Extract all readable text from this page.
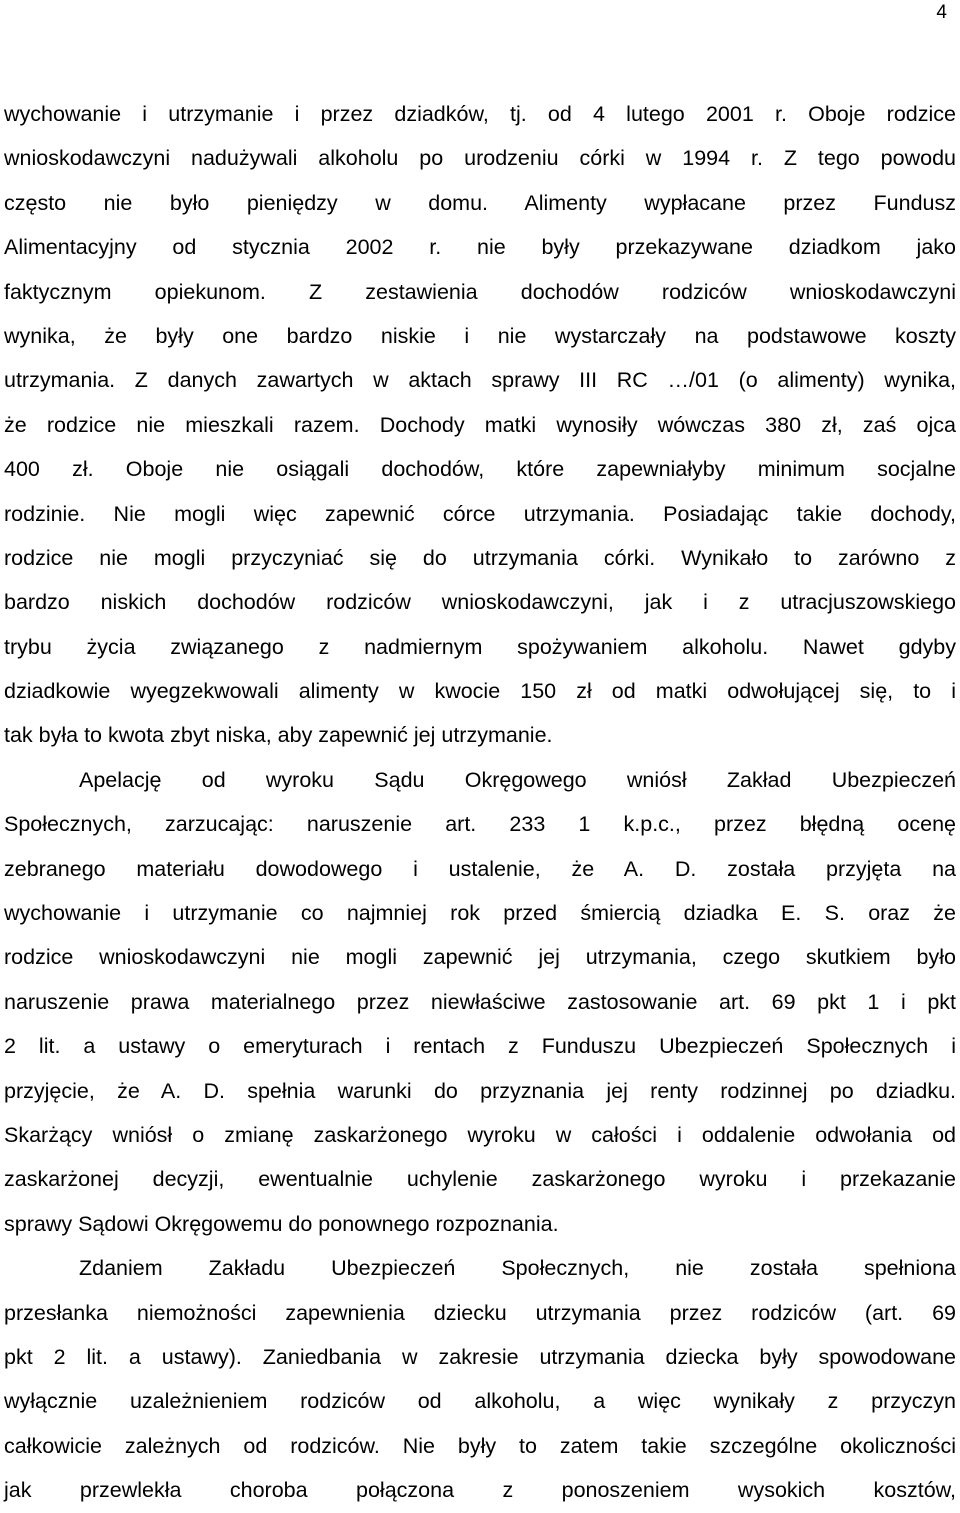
4
wychowanie i utrzymanie i przez dziadków, tj. od 4 lutego 2001 r. Oboje rodzice
wnioskodawczyni nadużywali alkoholu po urodzeniu córki w 1994 r. Z tego powodu
często nie było pieniędzy w domu. Alimenty wypłacane przez Fundusz
Alimentacyjny od stycznia 2002 r. nie były przekazywane dziadkom jako
faktycznym opiekunom. Z zestawienia dochodów rodziców wnioskodawczyni
wynika, że były one bardzo niskie i nie wystarczały na podstawowe koszty
utrzymania. Z danych zawartych w aktach sprawy III RC …/01 (o alimenty) wynika,
że rodzice nie mieszkali razem. Dochody matki wynosiły wówczas 380 zł, zaś ojca
400 zł. Oboje nie osiągali dochodów, które zapewniałyby minimum socjalne
rodzinie. Nie mogli więc zapewnić córce utrzymania. Posiadając takie dochody,
rodzice nie mogli przyczyniać się do utrzymania córki. Wynikało to zarówno z
bardzo niskich dochodów rodziców wnioskodawczyni, jak i z utracjuszowskiego
trybu życia związanego z nadmiernym spożywaniem alkoholu. Nawet gdyby
dziadkowie wyegzekwowali alimenty w kwocie 150 zł od matki odwołującej się, to i
tak była to kwota zbyt niska, aby zapewnić jej utrzymanie.
Apelację od wyroku Sądu Okręgowego wniósł Zakład Ubezpieczeń
Społecznych, zarzucając: naruszenie art. 233 1 k.p.c., przez błędną ocenę
zebranego materiału dowodowego i ustalenie, że A. D. została przyjęta na
wychowanie i utrzymanie co najmniej rok przed śmiercią dziadka E. S. oraz że
rodzice wnioskodawczyni nie mogli zapewnić jej utrzymania, czego skutkiem było
naruszenie prawa materialnego przez niewłaściwe zastosowanie art. 69 pkt 1 i pkt
2 lit. a ustawy o emeryturach i rentach z Funduszu Ubezpieczeń Społecznych i
przyjęcie, że A. D. spełnia warunki do przyznania jej renty rodzinnej po dziadku.
Skarżący wniósł o zmianę zaskarżonego wyroku w całości i oddalenie odwołania od
zaskarżonej decyzji, ewentualnie uchylenie zaskarżonego wyroku i przekazanie
sprawy Sądowi Okręgowemu do ponownego rozpoznania.
Zdaniem Zakładu Ubezpieczeń Społecznych, nie została spełniona
przesłanka niemożności zapewnienia dziecku utrzymania przez rodziców (art. 69
pkt 2 lit. a ustawy). Zaniedbania w zakresie utrzymania dziecka były spowodowane
wyłącznie uzależnieniem rodziców od alkoholu, a więc wynikały z przyczyn
całkowicie zależnych od rodziców. Nie były to zatem takie szczególne okoliczności
jak przewlekła choroba połączona z ponoszeniem wysokich kosztów,
